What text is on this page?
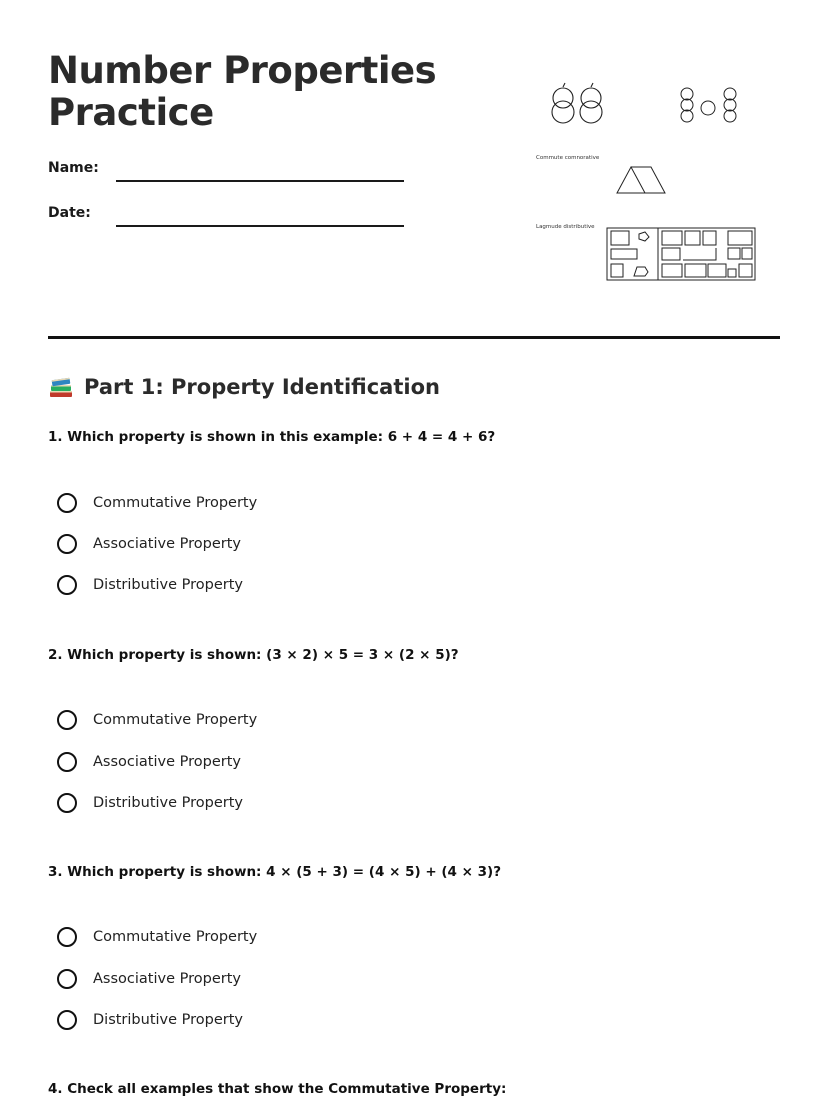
Number Properties
Practice
Name:
Date:
Commute comnorative
Lagmude distributive
Part 1: Property Identification
1. Which property is shown in this example: 6 + 4 = 4 + 6?
Commutative Property
Associative Property
Distributive Property
2. Which property is shown: (3 × 2) × 5 = 3 × (2 × 5)?
Commutative Property
Associative Property
Distributive Property
3. Which property is shown: 4 × (5 + 3) = (4 × 5) + (4 × 3)?
Commutative Property
Associative Property
Distributive Property
4. Check all examples that show the Commutative Property:
